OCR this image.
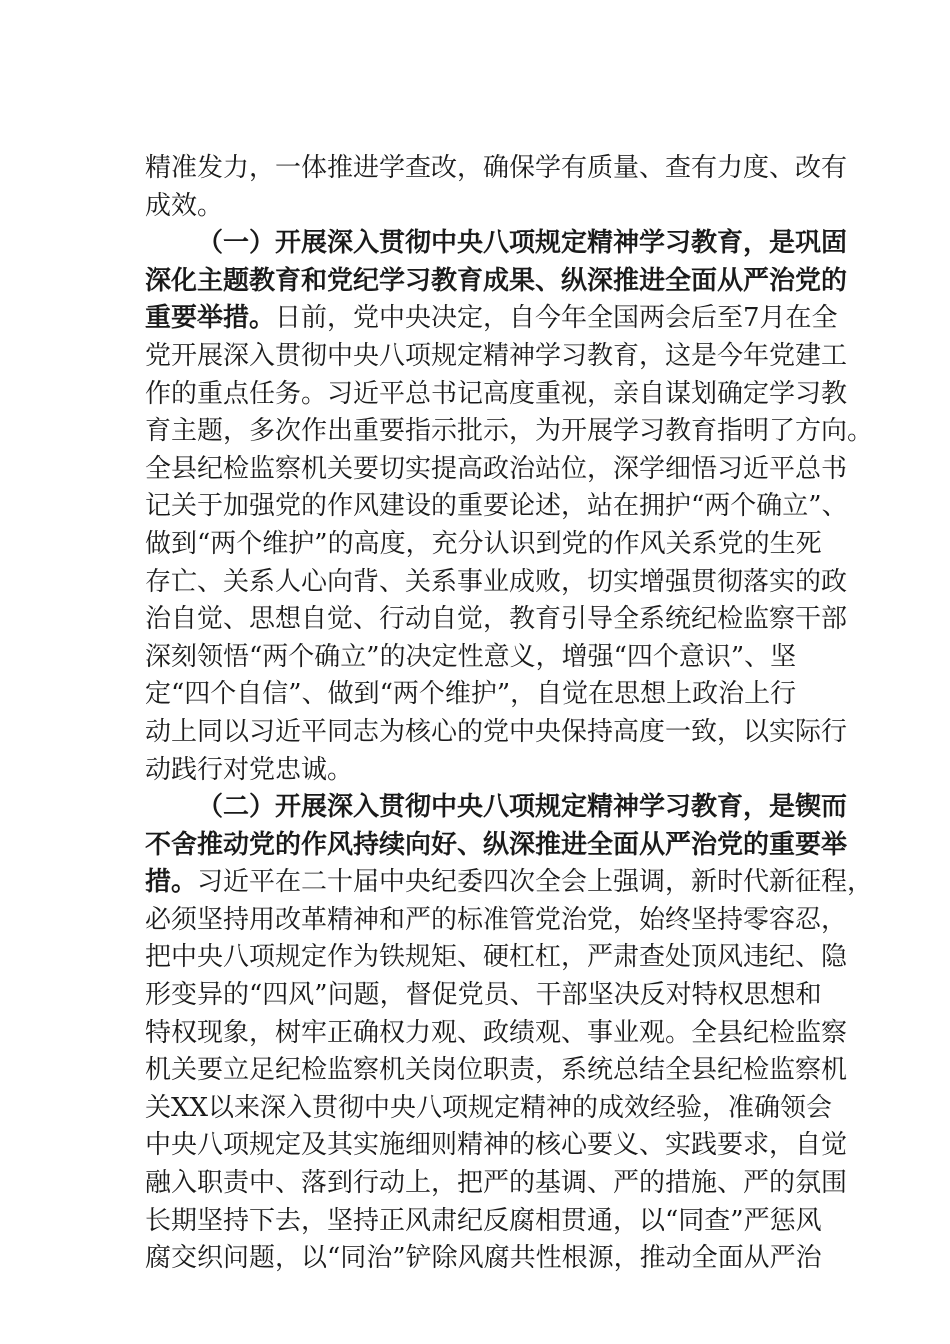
精准发力，一体推进学查改，确保学有质量、查有力度、改有
成效。
（一）开展深入贯彻中央八项规定精神学习教育，是巩固
深化主题教育和党纪学习教育成果、纵深推进全面从严治党的
重要举措。日前，党中央决定，自今年全国两会后至7月在全
党开展深入贯彻中央八项规定精神学习教育，这是今年党建工
作的重点任务。习近平总书记高度重视，亲自谋划确定学习教
育主题，多次作出重要指示批示，为开展学习教育指明了方向。
全县纪检监察机关要切实提高政治站位，深学细悟习近平总书
记关于加强党的作风建设的重要论述，站在拥护“两个确立”、
做到“两个维护”的高度，充分认识到党的作风关系党的生死
存亡、关系人心向背、关系事业成败，切实增强贯彻落实的政
治自觉、思想自觉、行动自觉，教育引导全系统纪检监察干部
深刻领悟“两个确立”的决定性意义，增强“四个意识”、坚
定“四个自信”、做到“两个维护”，自觉在思想上政治上行
动上同以习近平同志为核心的党中央保持高度一致，以实际行
动践行对党忠诚。
（二）开展深入贯彻中央八项规定精神学习教育，是锲而
不舍推动党的作风持续向好、纵深推进全面从严治党的重要举
措。习近平在二十届中央纪委四次全会上强调，新时代新征程，
必须坚持用改革精神和严的标准管党治党，始终坚持零容忍，
把中央八项规定作为铁规矩、硬杠杠，严肃查处顶风违纪、隐
形变异的“四风”问题，督促党员、干部坚决反对特权思想和
特权现象，树牢正确权力观、政绩观、事业观。全县纪检监察
机关要立足纪检监察机关岗位职责，系统总结全县纪检监察机
关XX以来深入贯彻中央八项规定精神的成效经验，准确领会
中央八项规定及其实施细则精神的核心要义、实践要求，自觉
融入职责中、落到行动上，把严的基调、严的措施、严的氛围
长期坚持下去，坚持正风肃纪反腐相贯通，以“同查”严惩风
腐交织问题，以“同治”铲除风腐共性根源，推动全面从严治
